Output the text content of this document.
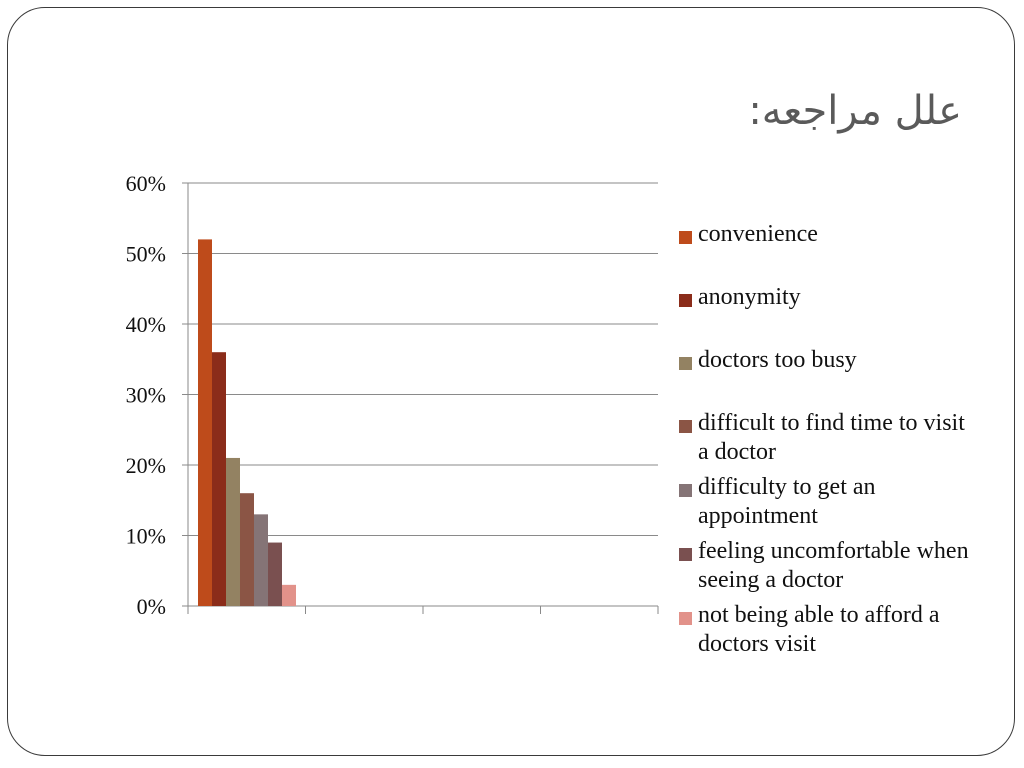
علل مراجعه:
0%
10%
20%
30%
40%
50%
60%
convenience
anonymity
doctors too busy
difficult to find time to visit a doctor
difficulty to get an appointment
feeling uncomfortable when seeing a doctor
not being able to afford a doctors visit
